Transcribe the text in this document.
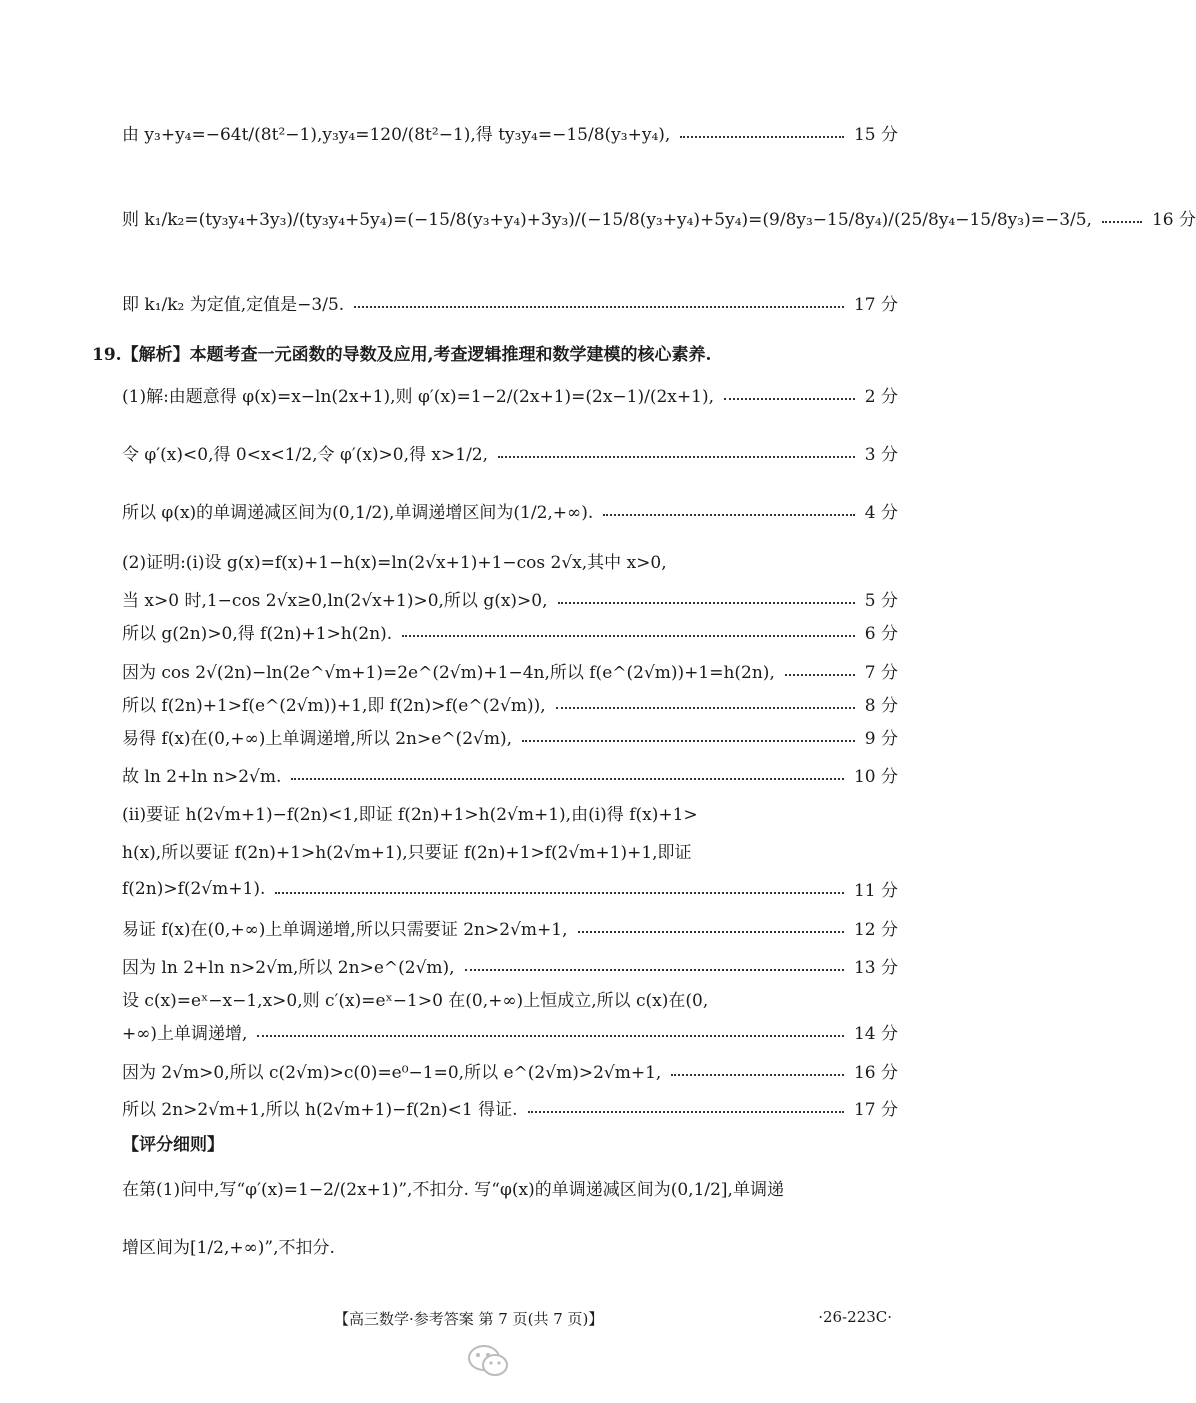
由 y₃+y₄=−64t/(8t²−1),y₃y₄=120/(8t²−1),得 ty₃y₄=−15/8(y₃+y₄),	15 分
则 k₁/k₂=(ty₃y₄+3y₃)/(ty₃y₄+5y₄)=(−15/8(y₃+y₄)+3y₃)/(−15/8(y₃+y₄)+5y₄)=(9/8y₃−15/8y₄)/(25/8y₄−15/8y₃)=−3/5,	16 分
即 k₁/k₂ 为定值,定值是−3/5.	17 分
(1)解:由题意得 φ(x)=x−ln(2x+1),则 φ′(x)=1−2/(2x+1)=(2x−1)/(2x+1),	2 分
令 φ′(x)<0,得 0<x<1/2,令 φ′(x)>0,得 x>1/2,	3 分
所以 φ(x)的单调递减区间为(0,1/2),单调递增区间为(1/2,+∞).	4 分
当 x>0 时,1−cos 2√x≥0,ln(2√x+1)>0,所以 g(x)>0,	5 分
所以 g(2n)>0,得 f(2n)+1>h(2n).	6 分
因为 cos 2√(2n)−ln(2e^√m+1)=2e^(2√m)+1−4n,所以 f(e^(2√m))+1=h(2n),	7 分
所以 f(2n)+1>f(e^(2√m))+1,即 f(2n)>f(e^(2√m)),	8 分
易得 f(x)在(0,+∞)上单调递增,所以 2n>e^(2√m),	9 分
故 ln 2+ln n>2√m.	10 分
f(2n)>f(2√m+1).	11 分
易证 f(x)在(0,+∞)上单调递增,所以只需要证 2n>2√m+1,	12 分
因为 ln 2+ln n>2√m,所以 2n>e^(2√m),	13 分
+∞)上单调递增,	14 分
因为 2√m>0,所以 c(2√m)>c(0)=e⁰−1=0,所以 e^(2√m)>2√m+1,	16 分
所以 2n>2√m+1,所以 h(2√m+1)−f(2n)<1 得证.	17 分
(2)证明:(ⅰ)设 g(x)=f(x)+1−h(x)=ln(2√x+1)+1−cos 2√x,其中 x>0,
(ⅱ)要证 h(2√m+1)−f(2n)<1,即证 f(2n)+1>h(2√m+1),由(ⅰ)得 f(x)+1>
h(x),所以要证 f(2n)+1>h(2√m+1),只要证 f(2n)+1>f(2√m+1)+1,即证
设 c(x)=eˣ−x−1,x>0,则 c′(x)=eˣ−1>0 在(0,+∞)上恒成立,所以 c(x)在(0,
在第(1)问中,写“φ′(x)=1−2/(2x+1)”,不扣分. 写“φ(x)的单调递减区间为(0,1/2],单调递
增区间为[1/2,+∞)”,不扣分.
19.【解析】本题考查一元函数的导数及应用,考查逻辑推理和数学建模的核心素养.
【评分细则】
【高三数学·参考答案 第 7 页(共 7 页)】	·26-223C·
